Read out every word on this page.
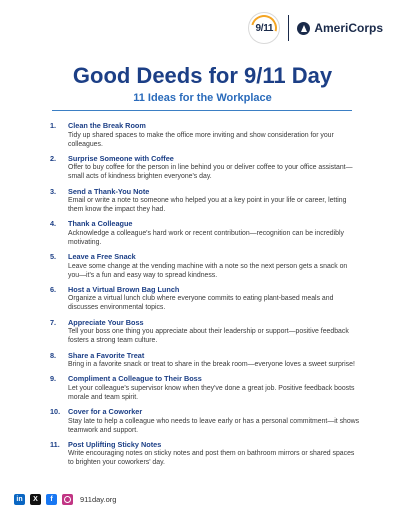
9/11	AmeriCorps
Good Deeds for 9/11 Day
11 Ideas for the Workplace
1.	Clean the Break Room
Tidy up shared spaces to make the office more inviting and show consideration for your colleagues.
2.	Surprise Someone with Coffee
Offer to buy coffee for the person in line behind you or deliver coffee to your office assistant—small acts of kindness brighten everyone's day.
3.	Send a Thank-You Note
Email or write a note to someone who helped you at a key point in your life or career, letting them know the impact they had.
4.	Thank a Colleague
Acknowledge a colleague's hard work or recent contribution—recognition can be incredibly motivating.
5.	Leave a Free Snack
Leave some change at the vending machine with a note so the next person gets a snack on you—it's a fun and easy way to spread kindness.
6.	Host a Virtual Brown Bag Lunch
Organize a virtual lunch club where everyone commits to eating plant-based meals and discusses environmental topics.
7.	Appreciate Your Boss
Tell your boss one thing you appreciate about their leadership or support—positive feedback fosters a strong team culture.
8.	Share a Favorite Treat
Bring in a favorite snack or treat to share in the break room—everyone loves a sweet surprise!
9.	Compliment a Colleague to Their Boss
Let your colleague's supervisor know when they've done a great job. Positive feedback boosts morale and team spirit.
10.	Cover for a Coworker
Stay late to help a colleague who needs to leave early or has a personal commitment—it shows teamwork and support.
11.	Post Uplifting Sticky Notes
Write encouraging notes on sticky notes and post them on bathroom mirrors or shared spaces to brighten your coworkers' day.
in	X	f	911day.org
